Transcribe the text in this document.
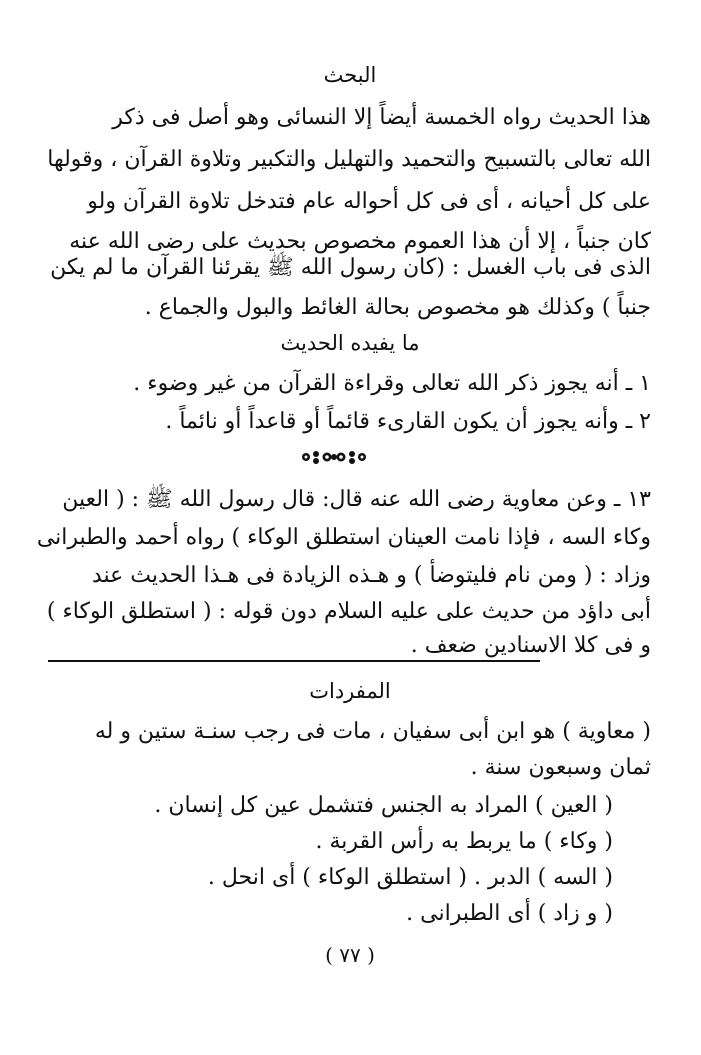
البحث
هذا الحديث رواه الخمسة أيضاً إلا النسائى وهو أصل فى ذكر
الله تعالى بالتسبيح والتحميد والتهليل والتكبير وتلاوة القرآن ، وقولها
على كل أحيانه ، أى فى كل أحواله عام فتدخل تلاوة القرآن ولو
كان جنباً ، إلا أن هذا العموم مخصوص بحديث على رضى الله عنه
الذى فى باب الغسل : (كان رسول الله ﷺ يقرئنا القرآن ما لم يكن
جنباً ) وكذلك هو مخصوص بحالة الغائط والبول والجماع .
ما يفيده الحديث
١ ـ أنه يجوز ذكر الله تعالى وقراءة القرآن من غير وضوء .
٢ ـ وأنه يجوز أن يكون القارىء قائماً أو قاعداً أو نائماً .
١٣ ـ وعن معاوية رضى الله عنه قال: قال رسول الله ﷺ : ( العين
وكاء السه ، فإذا نامت العينان استطلق الوكاء ) رواه أحمد والطبرانى
وزاد : ( ومن نام فليتوضأ ) و هـذه الزيادة فى هـذا الحديث عند
أبى داؤد من حديث على عليه السلام دون قوله : ( استطلق الوكاء )
و فى كلا الاسنادين ضعف .
المفردات
( معاوية ) هو ابن أبى سفيان ، مات فى رجب سنـة ستين و له
ثمان وسبعون سنة .
( العين ) المراد به الجنس فتشمل عين كل إنسان .
( وكاء ) ما يربط به رأس القربة .
( السه ) الدبر . ( استطلق الوكاء ) أى انحل .
( و زاد ) أى الطبرانى .
( ٧٧ )
